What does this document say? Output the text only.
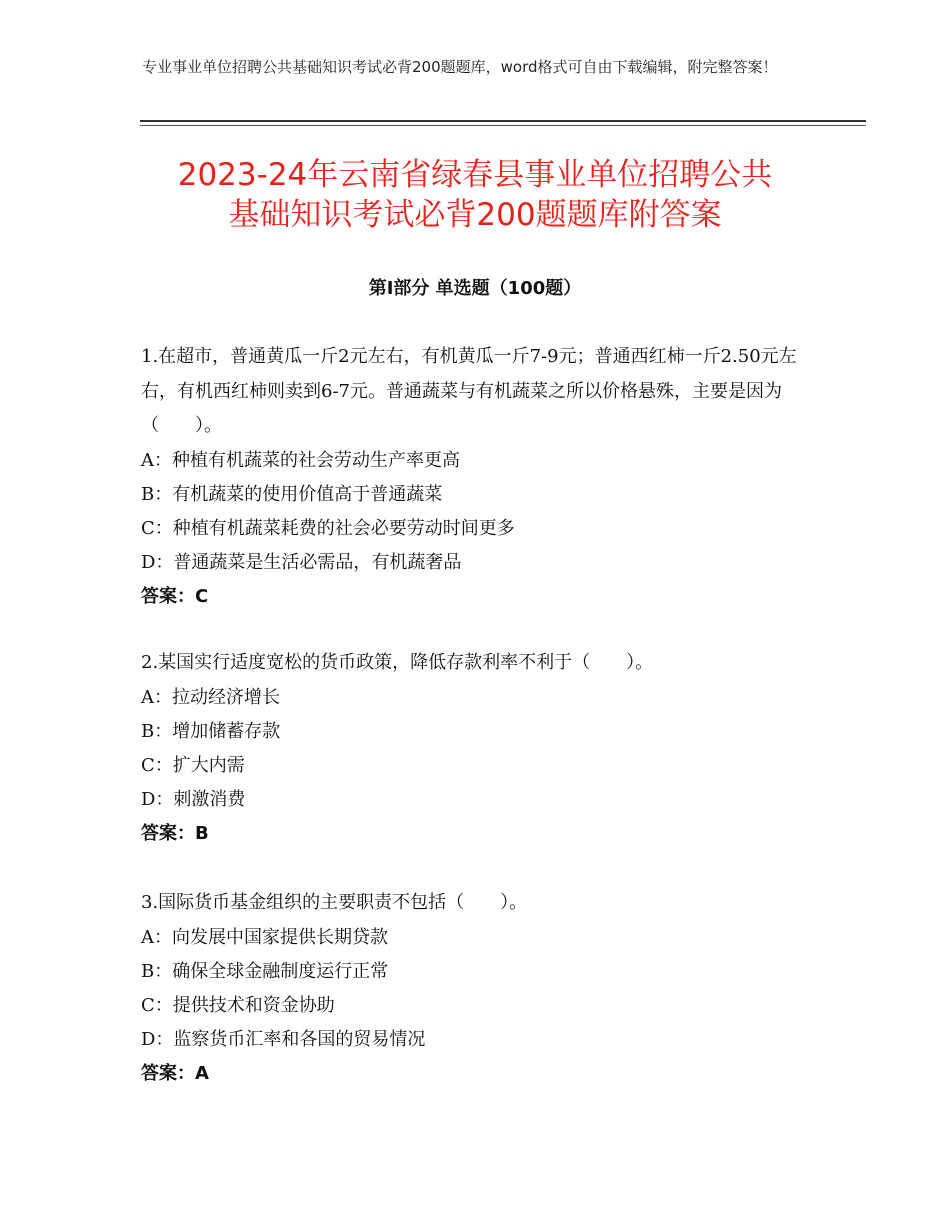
专业事业单位招聘公共基础知识考试必背200题题库，word格式可自由下载编辑，附完整答案！
2023-24年云南省绿春县事业单位招聘公共
基础知识考试必背200题题库附答案
第Ⅰ部分 单选题（100题）
1.在超市，普通黄瓜一斤2元左右，有机黄瓜一斤7-9元；普通西红柿一斤2.50元左右，有机西红柿则卖到6-7元。普通蔬菜与有机蔬菜之所以价格悬殊，主要是因为（　　）。
A：种植有机蔬菜的社会劳动生产率更高
B：有机蔬菜的使用价值高于普通蔬菜
C：种植有机蔬菜耗费的社会必要劳动时间更多
D：普通蔬菜是生活必需品，有机蔬奢品
答案：C
2.某国实行适度宽松的货币政策，降低存款利率不利于（　　）。
A：拉动经济增长
B：增加储蓄存款
C：扩大内需
D：刺激消费
答案：B
3.国际货币基金组织的主要职责不包括（　　）。
A：向发展中国家提供长期贷款
B：确保全球金融制度运行正常
C：提供技术和资金协助
D：监察货币汇率和各国的贸易情况
答案：A
